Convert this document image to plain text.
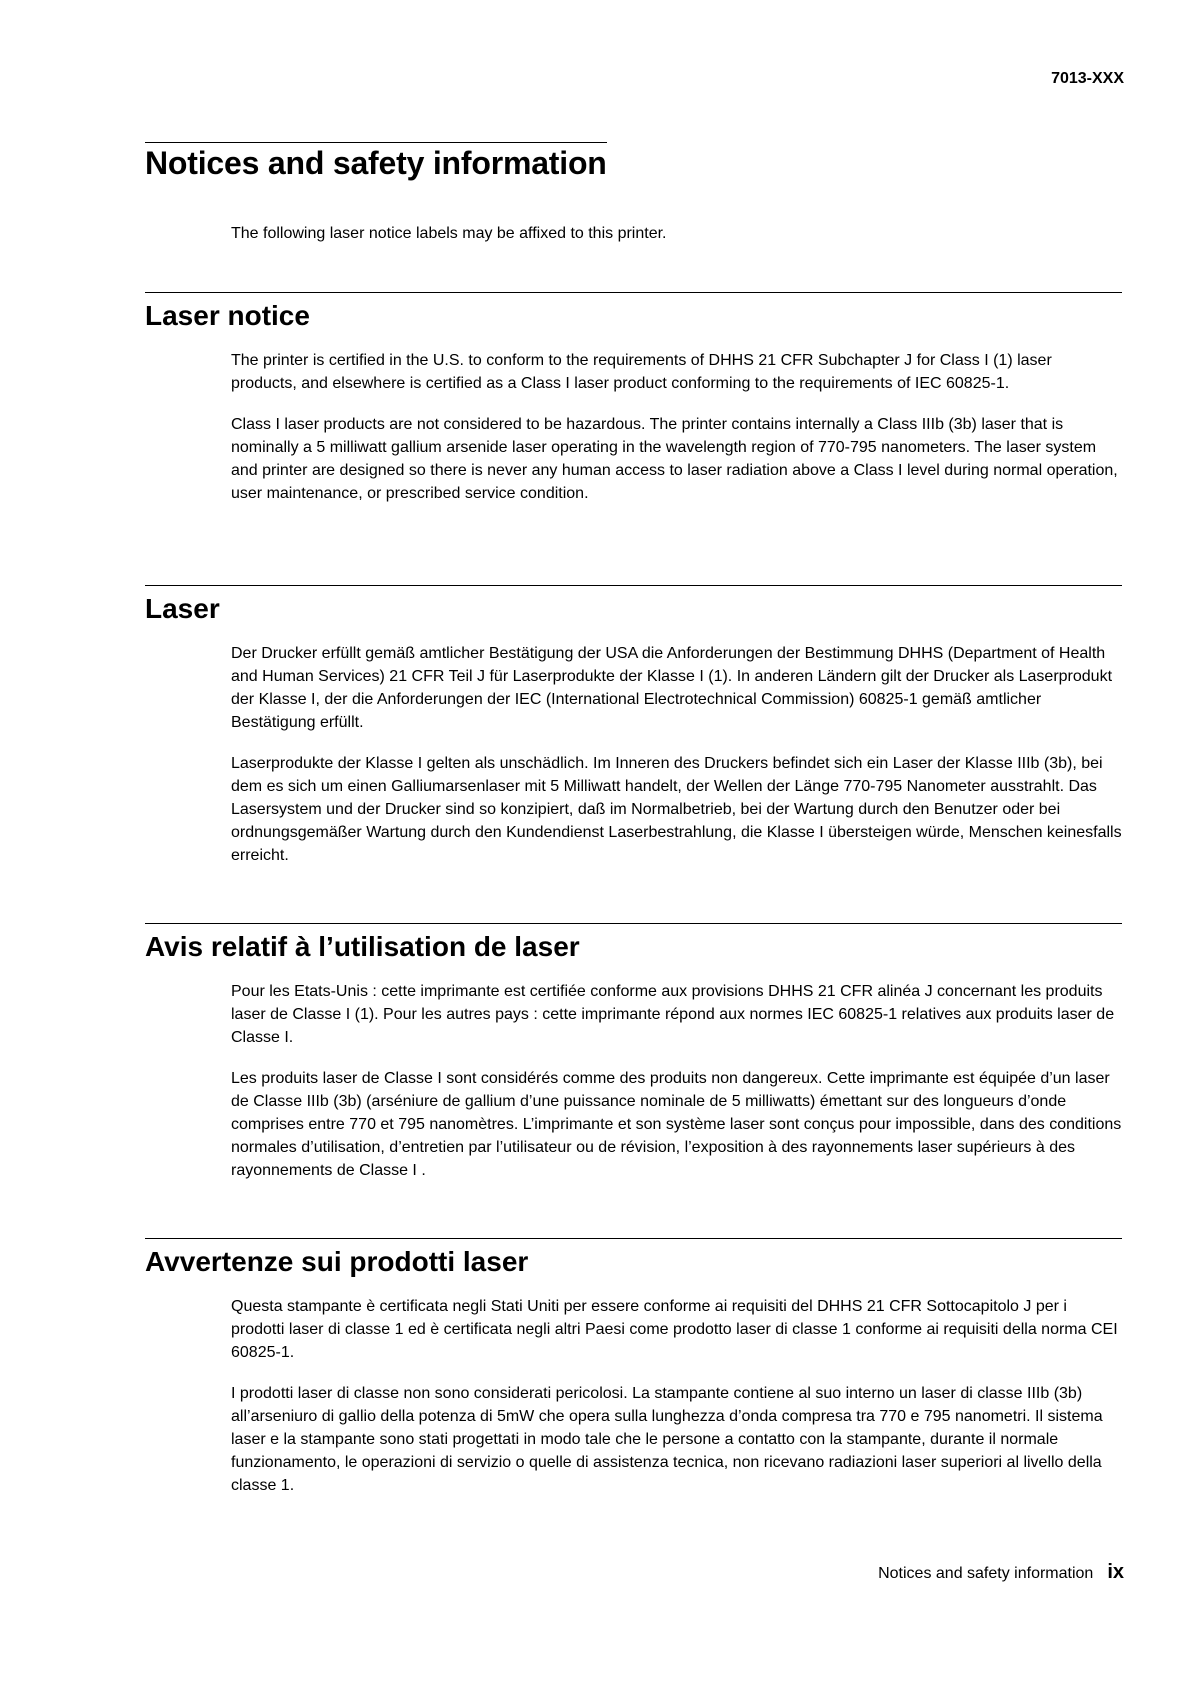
7013-XXX
Notices and safety information

The following laser notice labels may be affixed to this printer.

Laser notice

The printer is certified in the U.S. to conform to the requirements of DHHS 21 CFR Subchapter J for Class I (1) laser products, and elsewhere is certified as a Class I laser product conforming to the requirements of IEC 60825-1.

Class I laser products are not considered to be hazardous. The printer contains internally a Class IIIb (3b) laser that is nominally a 5 milliwatt gallium arsenide laser operating in the wavelength region of 770-795 nanometers. The laser system and printer are designed so there is never any human access to laser radiation above a Class I level during normal operation, user maintenance, or prescribed service condition.

Laser

Der Drucker erfüllt gemäß amtlicher Bestätigung der USA die Anforderungen der Bestimmung DHHS (Department of Health and Human Services) 21 CFR Teil J für Laserprodukte der Klasse I (1). In anderen Ländern gilt der Drucker als Laserprodukt der Klasse I, der die Anforderungen der IEC (International Electrotechnical Commission) 60825-1 gemäß amtlicher Bestätigung erfüllt.

Laserprodukte der Klasse I gelten als unschädlich. Im Inneren des Druckers befindet sich ein Laser der Klasse IIIb (3b), bei dem es sich um einen Galliumarsenlaser mit 5 Milliwatt handelt, der Wellen der Länge 770-795 Nanometer ausstrahlt. Das Lasersystem und der Drucker sind so konzipiert, daß im Normalbetrieb, bei der Wartung durch den Benutzer oder bei ordnungsgemäßer Wartung durch den Kundendienst Laserbestrahlung, die Klasse I übersteigen würde, Menschen keinesfalls erreicht.

Avis relatif à l’utilisation de laser

Pour les Etats-Unis : cette imprimante est certifiée conforme aux provisions DHHS 21 CFR alinéa J concernant les produits laser de Classe I (1). Pour les autres pays : cette imprimante répond aux normes IEC 60825-1 relatives aux produits laser de Classe I.

Les produits laser de Classe I sont considérés comme des produits non dangereux. Cette imprimante est équipée d’un laser de Classe IIIb (3b) (arséniure de gallium d’une puissance nominale de 5 milliwatts) émettant sur des longueurs d’onde comprises entre 770 et 795 nanomètres. L’imprimante et son système laser sont conçus pour impossible, dans des conditions normales d’utilisation, d’entretien par l’utilisateur ou de révision, l’exposition à des rayonnements laser supérieurs à des rayonnements de Classe I .

Avvertenze sui prodotti laser

Questa stampante è certificata negli Stati Uniti per essere conforme ai requisiti del DHHS 21 CFR Sottocapitolo J per i prodotti laser di classe 1 ed è certificata negli altri Paesi come prodotto laser di classe 1 conforme ai requisiti della norma CEI 60825-1.

I prodotti laser di classe non sono considerati pericolosi. La stampante contiene al suo interno un laser di classe IIIb (3b) all’arseniuro di gallio della potenza di 5mW che opera sulla lunghezza d’onda compresa tra 770 e 795 nanometri. Il sistema laser e la stampante sono stati progettati in modo tale che le persone a contatto con la stampante, durante il normale funzionamento, le operazioni di servizio o quelle di assistenza tecnica, non ricevano radiazioni laser superiori al livello della classe 1.

Notices and safety information ix
